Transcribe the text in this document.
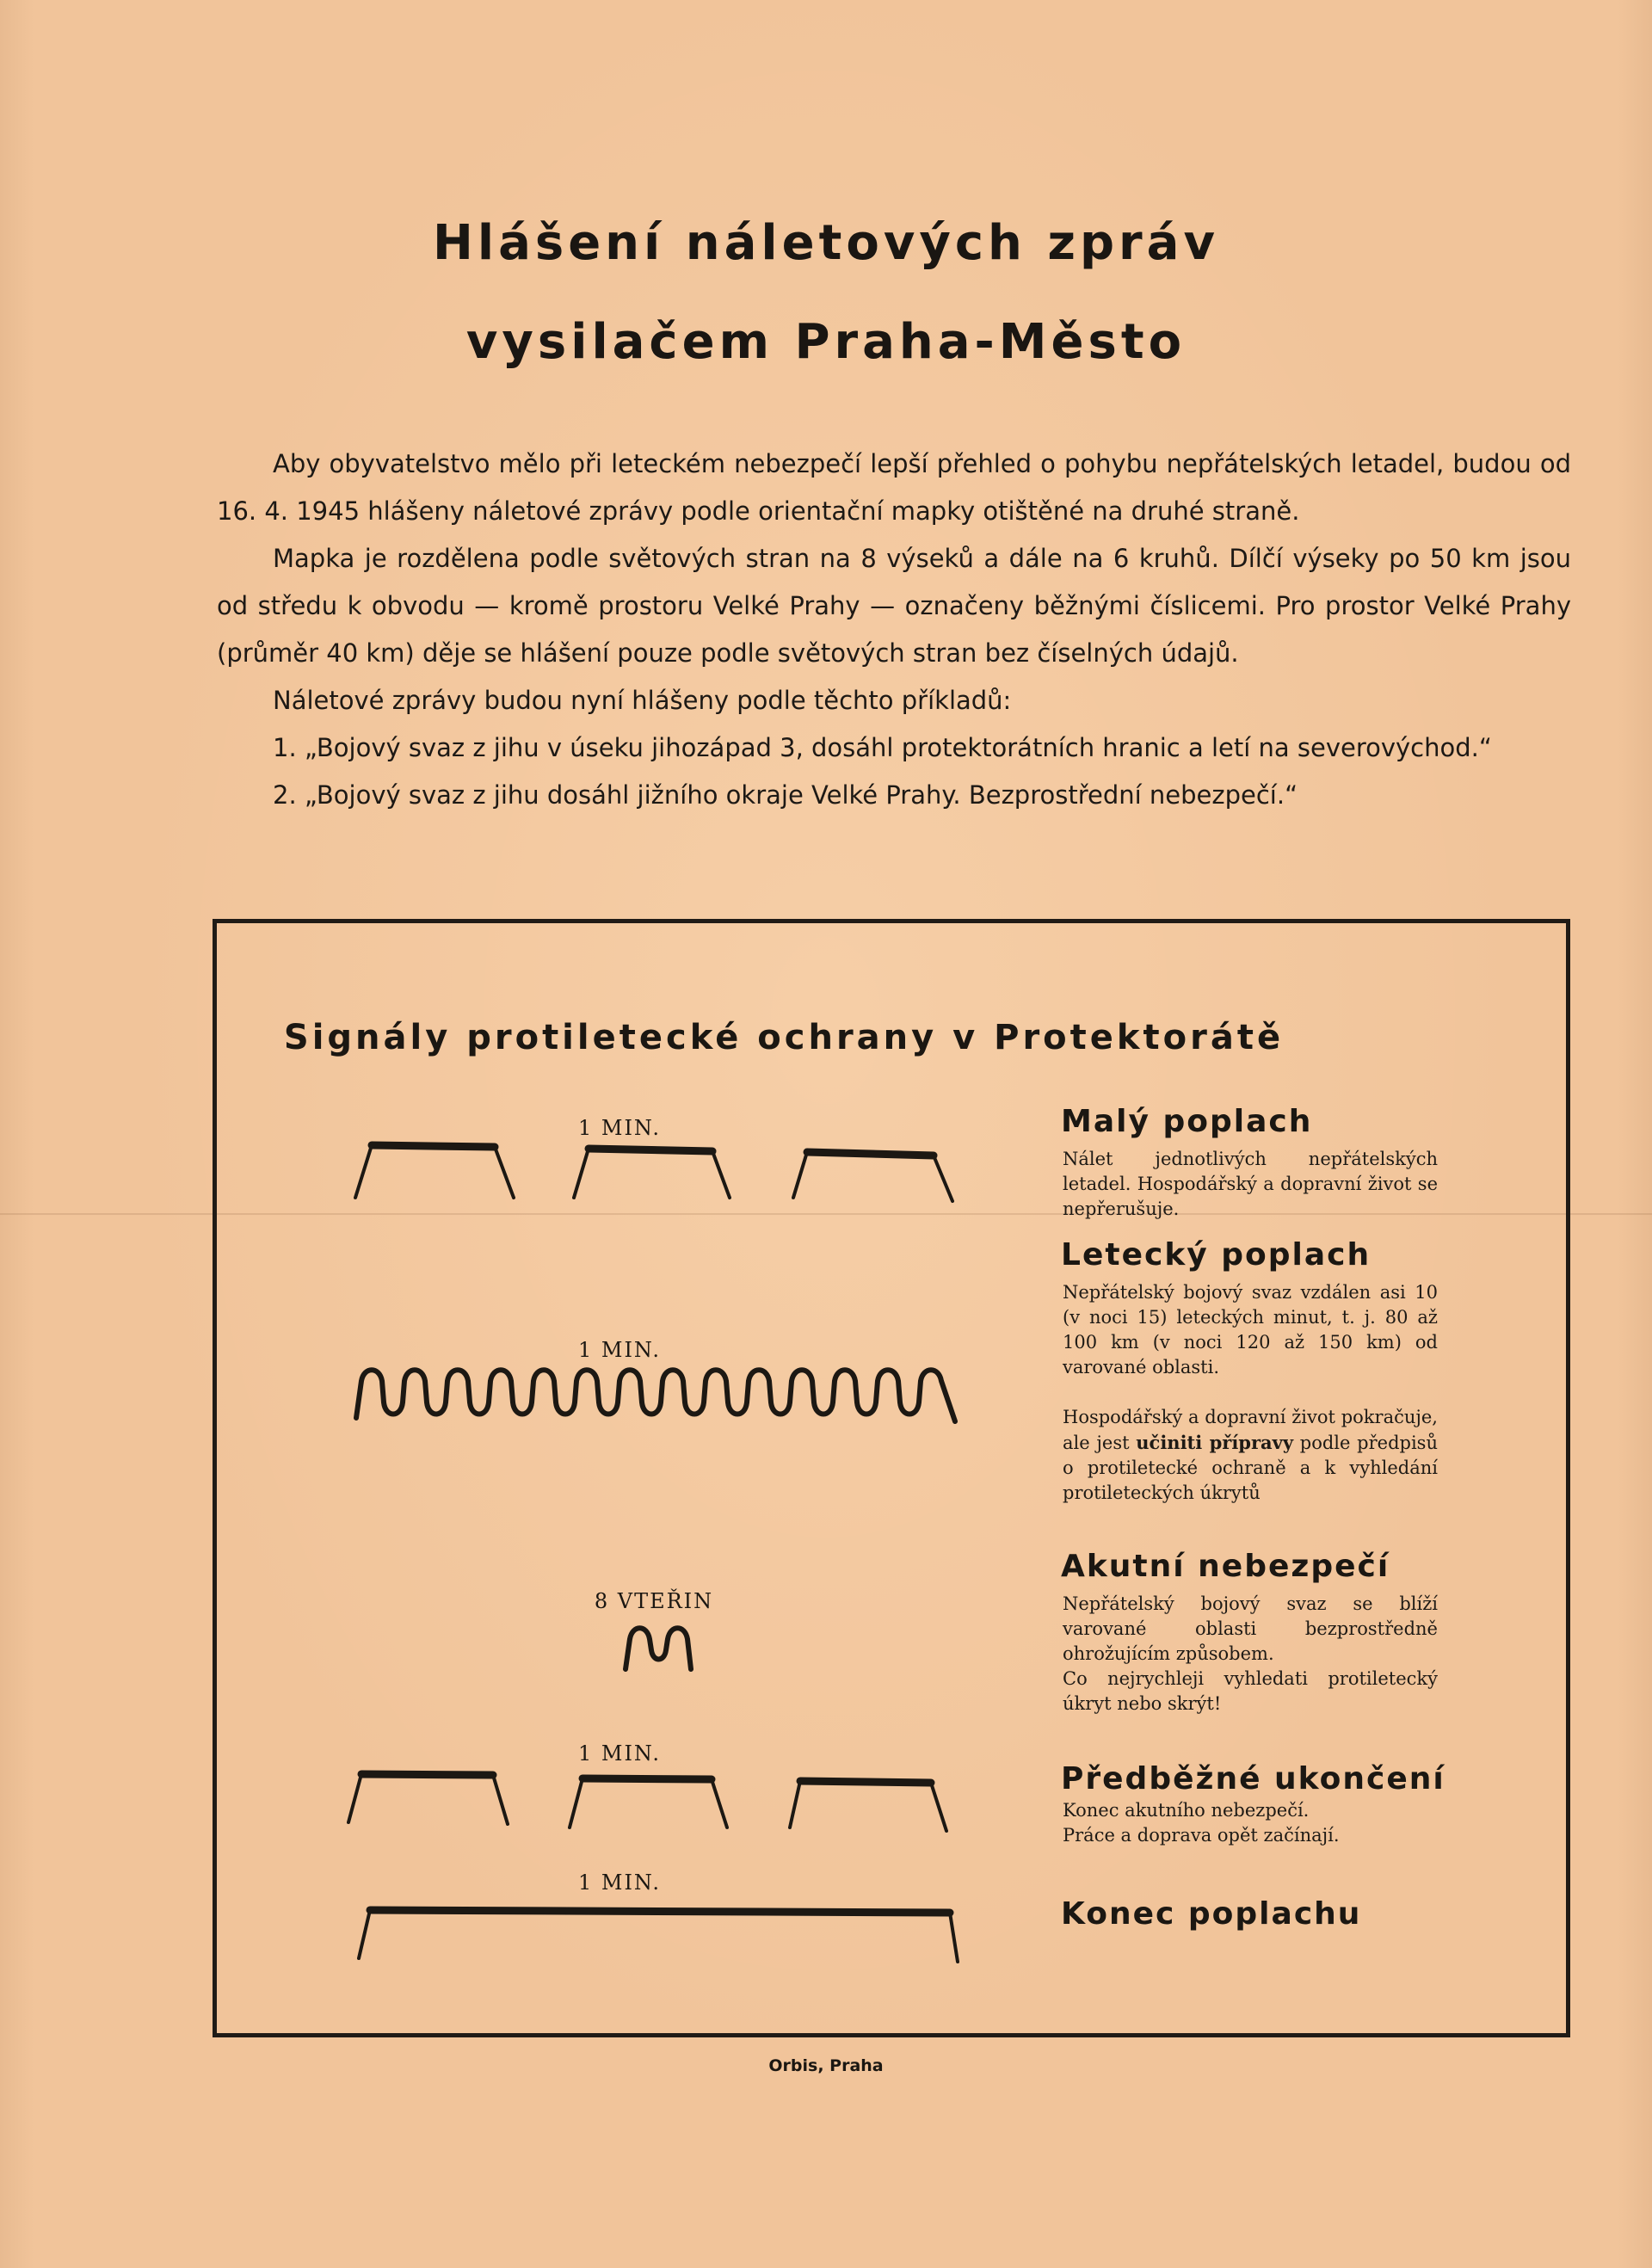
Hlášení náletových zpráv
vysilačem Praha-Město

Aby obyvatelstvo mělo při leteckém nebezpečí lepší přehled o pohybu nepřátelských letadel, budou od 16. 4. 1945 hlášeny náletové zprávy podle orientační mapky otištěné na druhé straně.

Mapka je rozdělena podle světových stran na 8 výseků a dále na 6 kruhů. Dílčí výseky po 50 km jsou od středu k obvodu — kromě prostoru Velké Prahy — označeny běžnými číslicemi. Pro prostor Velké Prahy (průměr 40 km) děje se hlášení pouze podle světových stran bez číselných údajů.

Náletové zprávy budou nyní hlášeny podle těchto příkladů:

1. „Bojový svaz z jihu v úseku jihozápad 3, dosáhl protektorátních hranic a letí na severovýchod.“

2. „Bojový svaz z jihu dosáhl jižního okraje Velké Prahy. Bezprostřední nebezpečí.“

Signály protiletecké ochrany v Protektorátě
1 MIN.
1 MIN.
8 VTEŘIN
1 MIN.
1 MIN.
Malý poplach

Nálet jednotlivých nepřátelských letadel. Hospodářský a dopravní život se nepřerušuje.

Letecký poplach

Nepřátelský bojový svaz vzdálen asi 10 (v noci 15) leteckých minut, t. j. 80 až 100 km (v noci 120 až 150 km) od varované oblasti.

Hospodářský a dopravní život pokračuje, ale jest učiniti přípravy podle předpisů o protiletecké ochraně a k vyhledání protileteckých úkrytů

Akutní nebezpečí

Nepřátelský bojový svaz se blíží varované oblasti bezprostředně ohrožujícím způsobem.

Co nejrychleji vyhledati protiletecký úkryt nebo skrýt!

Předběžné ukončení

Konec akutního nebezpečí.

Práce a doprava opět začínají.

Konec poplachu

Orbis, Praha
